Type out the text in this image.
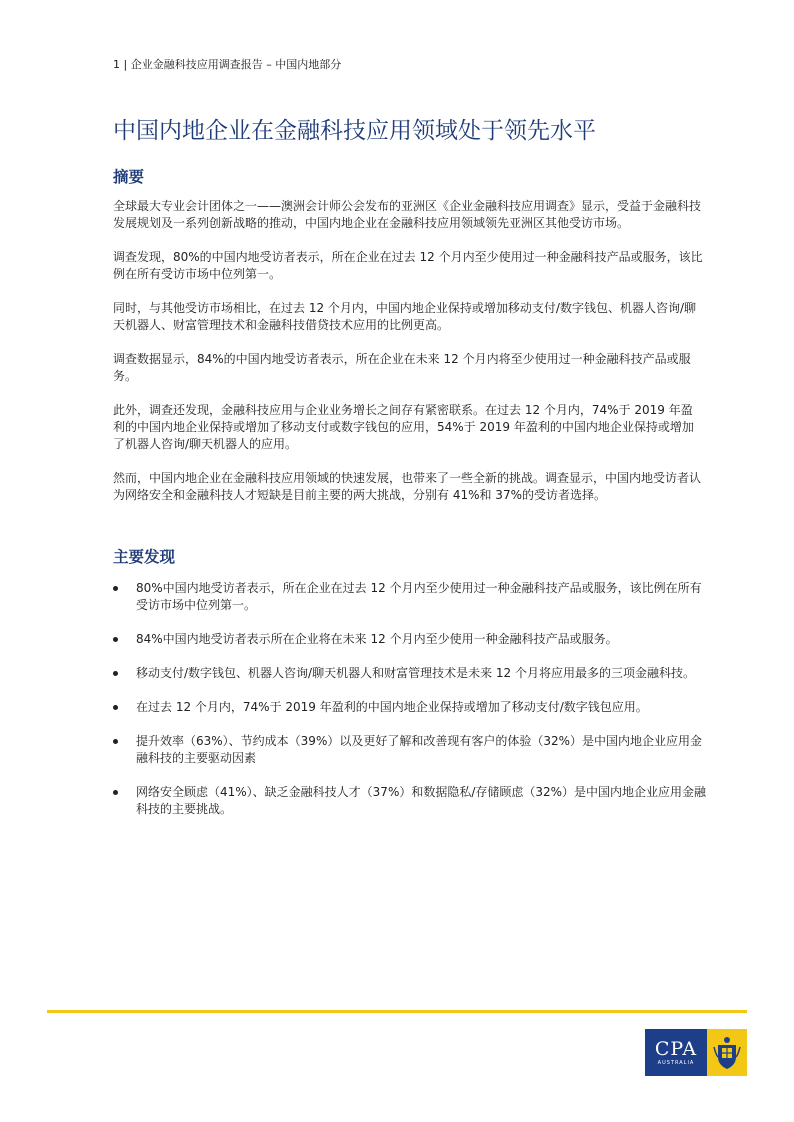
1 | 企业金融科技应用调查报告 – 中国内地部分
中国内地企业在金融科技应用领域处于领先水平
摘要

全球最大专业会计团体之一——澳洲会计师公会发布的亚洲区《企业金融科技应用调查》显示，受益于金融科技发展规划及一系列创新战略的推动，中国内地企业在金融科技应用领域领先亚洲区其他受访市场。

调查发现，80%的中国内地受访者表示，所在企业在过去 12 个月内至少使用过一种金融科技产品或服务，该比例在所有受访市场中位列第一。

同时，与其他受访市场相比，在过去 12 个月内，中国内地企业保持或增加移动支付/数字钱包、机器人咨询/聊天机器人、财富管理技术和金融科技借贷技术应用的比例更高。

调查数据显示，84%的中国内地受访者表示，所在企业在未来 12 个月内将至少使用过一种金融科技产品或服务。

此外，调查还发现，金融科技应用与企业业务增长之间存有紧密联系。在过去 12 个月内，74%于 2019 年盈利的中国内地企业保持或增加了移动支付或数字钱包的应用，54%于 2019 年盈利的中国内地企业保持或增加了机器人咨询/聊天机器人的应用。

然而，中国内地企业在金融科技应用领域的快速发展，也带来了一些全新的挑战。调查显示，中国内地受访者认为网络安全和金融科技人才短缺是目前主要的两大挑战，分别有 41%和 37%的受访者选择。

主要发现
80%中国内地受访者表示，所在企业在过去 12 个月内至少使用过一种金融科技产品或服务，该比例在所有受访市场中位列第一。
84%中国内地受访者表示所在企业将在未来 12 个月内至少使用一种金融科技产品或服务。
移动支付/数字钱包、机器人咨询/聊天机器人和财富管理技术是未来 12 个月将应用最多的三项金融科技。
在过去 12 个月内，74%于 2019 年盈利的中国内地企业保持或增加了移动支付/数字钱包应用。
提升效率（63%）、节约成本（39%）以及更好了解和改善现有客户的体验（32%）是中国内地企业应用金融科技的主要驱动因素
网络安全顾虑（41%）、缺乏金融科技人才（37%）和数据隐私/存储顾虑（32%）是中国内地企业应用金融科技的主要挑战。
CPA
AUSTRALIA
